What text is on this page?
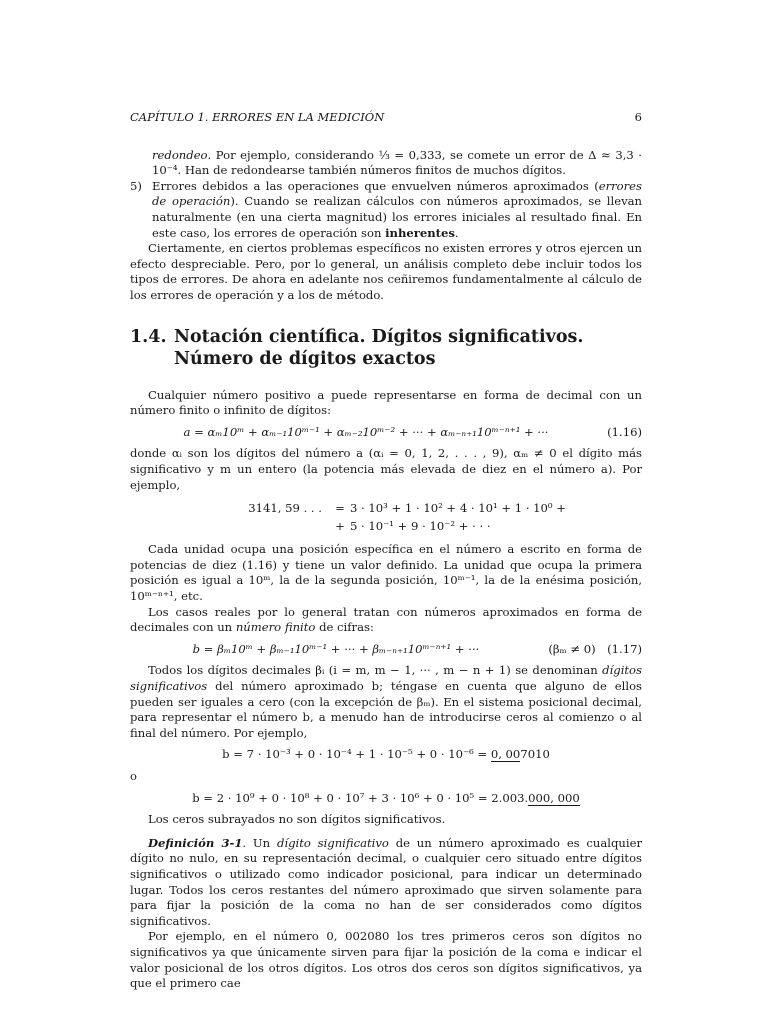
CAPÍTULO 1. ERRORES EN LA MEDICIÓN	6

redondeo. Por ejemplo, considerando ⅓ = 0,333, se comete un error de Δ ≈ 3,3 · 10⁻⁴. Han de redondearse también números finitos de muchos dígitos.

5) Errores debidos a las operaciones que envuelven números aproximados (errores de operación). Cuando se realizan cálculos con números aproximados, se llevan naturalmente (en una cierta magnitud) los errores iniciales al resultado final. En este caso, los errores de operación son inherentes.

Ciertamente, en ciertos problemas específicos no existen errores y otros ejercen un efecto despreciable. Pero, por lo general, un análisis completo debe incluir todos los tipos de errores. De ahora en adelante nos ceñiremos fundamentalmente al cálculo de los errores de operación y a los de método.

1.4. Notación científica. Dígitos significativos. Número de dígitos exactos

Cualquier número positivo a puede representarse en forma de decimal con un número finito o infinito de dígitos:

a = αₘ10ᵐ + αₘ₋₁10ᵐ⁻¹ + αₘ₋₂10ᵐ⁻² + ··· + αₘ₋ₙ₊₁10ᵐ⁻ⁿ⁺¹ + ···	(1.16)

donde αᵢ son los dígitos del número a (αᵢ = 0, 1, 2, . . . , 9), αₘ ≠ 0 el dígito más significativo y m un entero (la potencia más elevada de diez en el número a). Por ejemplo,

3141, 59 . . .	= 3 · 10³ + 1 · 10² + 4 · 10¹ + 1 · 10⁰ +
+ 5 · 10⁻¹ + 9 · 10⁻² + · · ·

Cada unidad ocupa una posición específica en el número a escrito en forma de potencias de diez (1.16) y tiene un valor definido. La unidad que ocupa la primera posición es igual a 10ᵐ, la de la segunda posición, 10ᵐ⁻¹, la de la enésima posición, 10ᵐ⁻ⁿ⁺¹, etc.

Los casos reales por lo general tratan con números aproximados en forma de decimales con un número finito de cifras:

b = βₘ10ᵐ + βₘ₋₁10ᵐ⁻¹ + ··· + βₘ₋ₙ₊₁10ᵐ⁻ⁿ⁺¹ + ···	(βₘ ≠ 0) (1.17)

Todos los dígitos decimales βᵢ (i = m, m − 1, ··· , m − n + 1) se denominan dígitos significativos del número aproximado b; téngase en cuenta que alguno de ellos pueden ser iguales a cero (con la excepción de βₘ). En el sistema posicional decimal, para representar el número b, a menudo han de introducirse ceros al comienzo o al final del número. Por ejemplo,

b = 7 · 10⁻³ + 0 · 10⁻⁴ + 1 · 10⁻⁵ + 0 · 10⁻⁶ = 0, 007010

o

b = 2 · 10⁹ + 0 · 10⁸ + 0 · 10⁷ + 3 · 10⁶ + 0 · 10⁵ = 2.003.000, 000

Los ceros subrayados no son dígitos significativos.

Definición 3-1. Un dígito significativo de un número aproximado es cualquier dígito no nulo, en su representación decimal, o cualquier cero situado entre dígitos significativos o utilizado como indicador posicional, para indicar un determinado lugar. Todos los ceros restantes del número aproximado que sirven solamente para para fijar la posición de la coma no han de ser considerados como dígitos significativos.

Por ejemplo, en el número 0, 002080 los tres primeros ceros son dígitos no significativos ya que únicamente sirven para fijar la posición de la coma e indicar el valor posicional de los otros dígitos. Los otros dos ceros son dígitos significativos, ya que el primero cae
